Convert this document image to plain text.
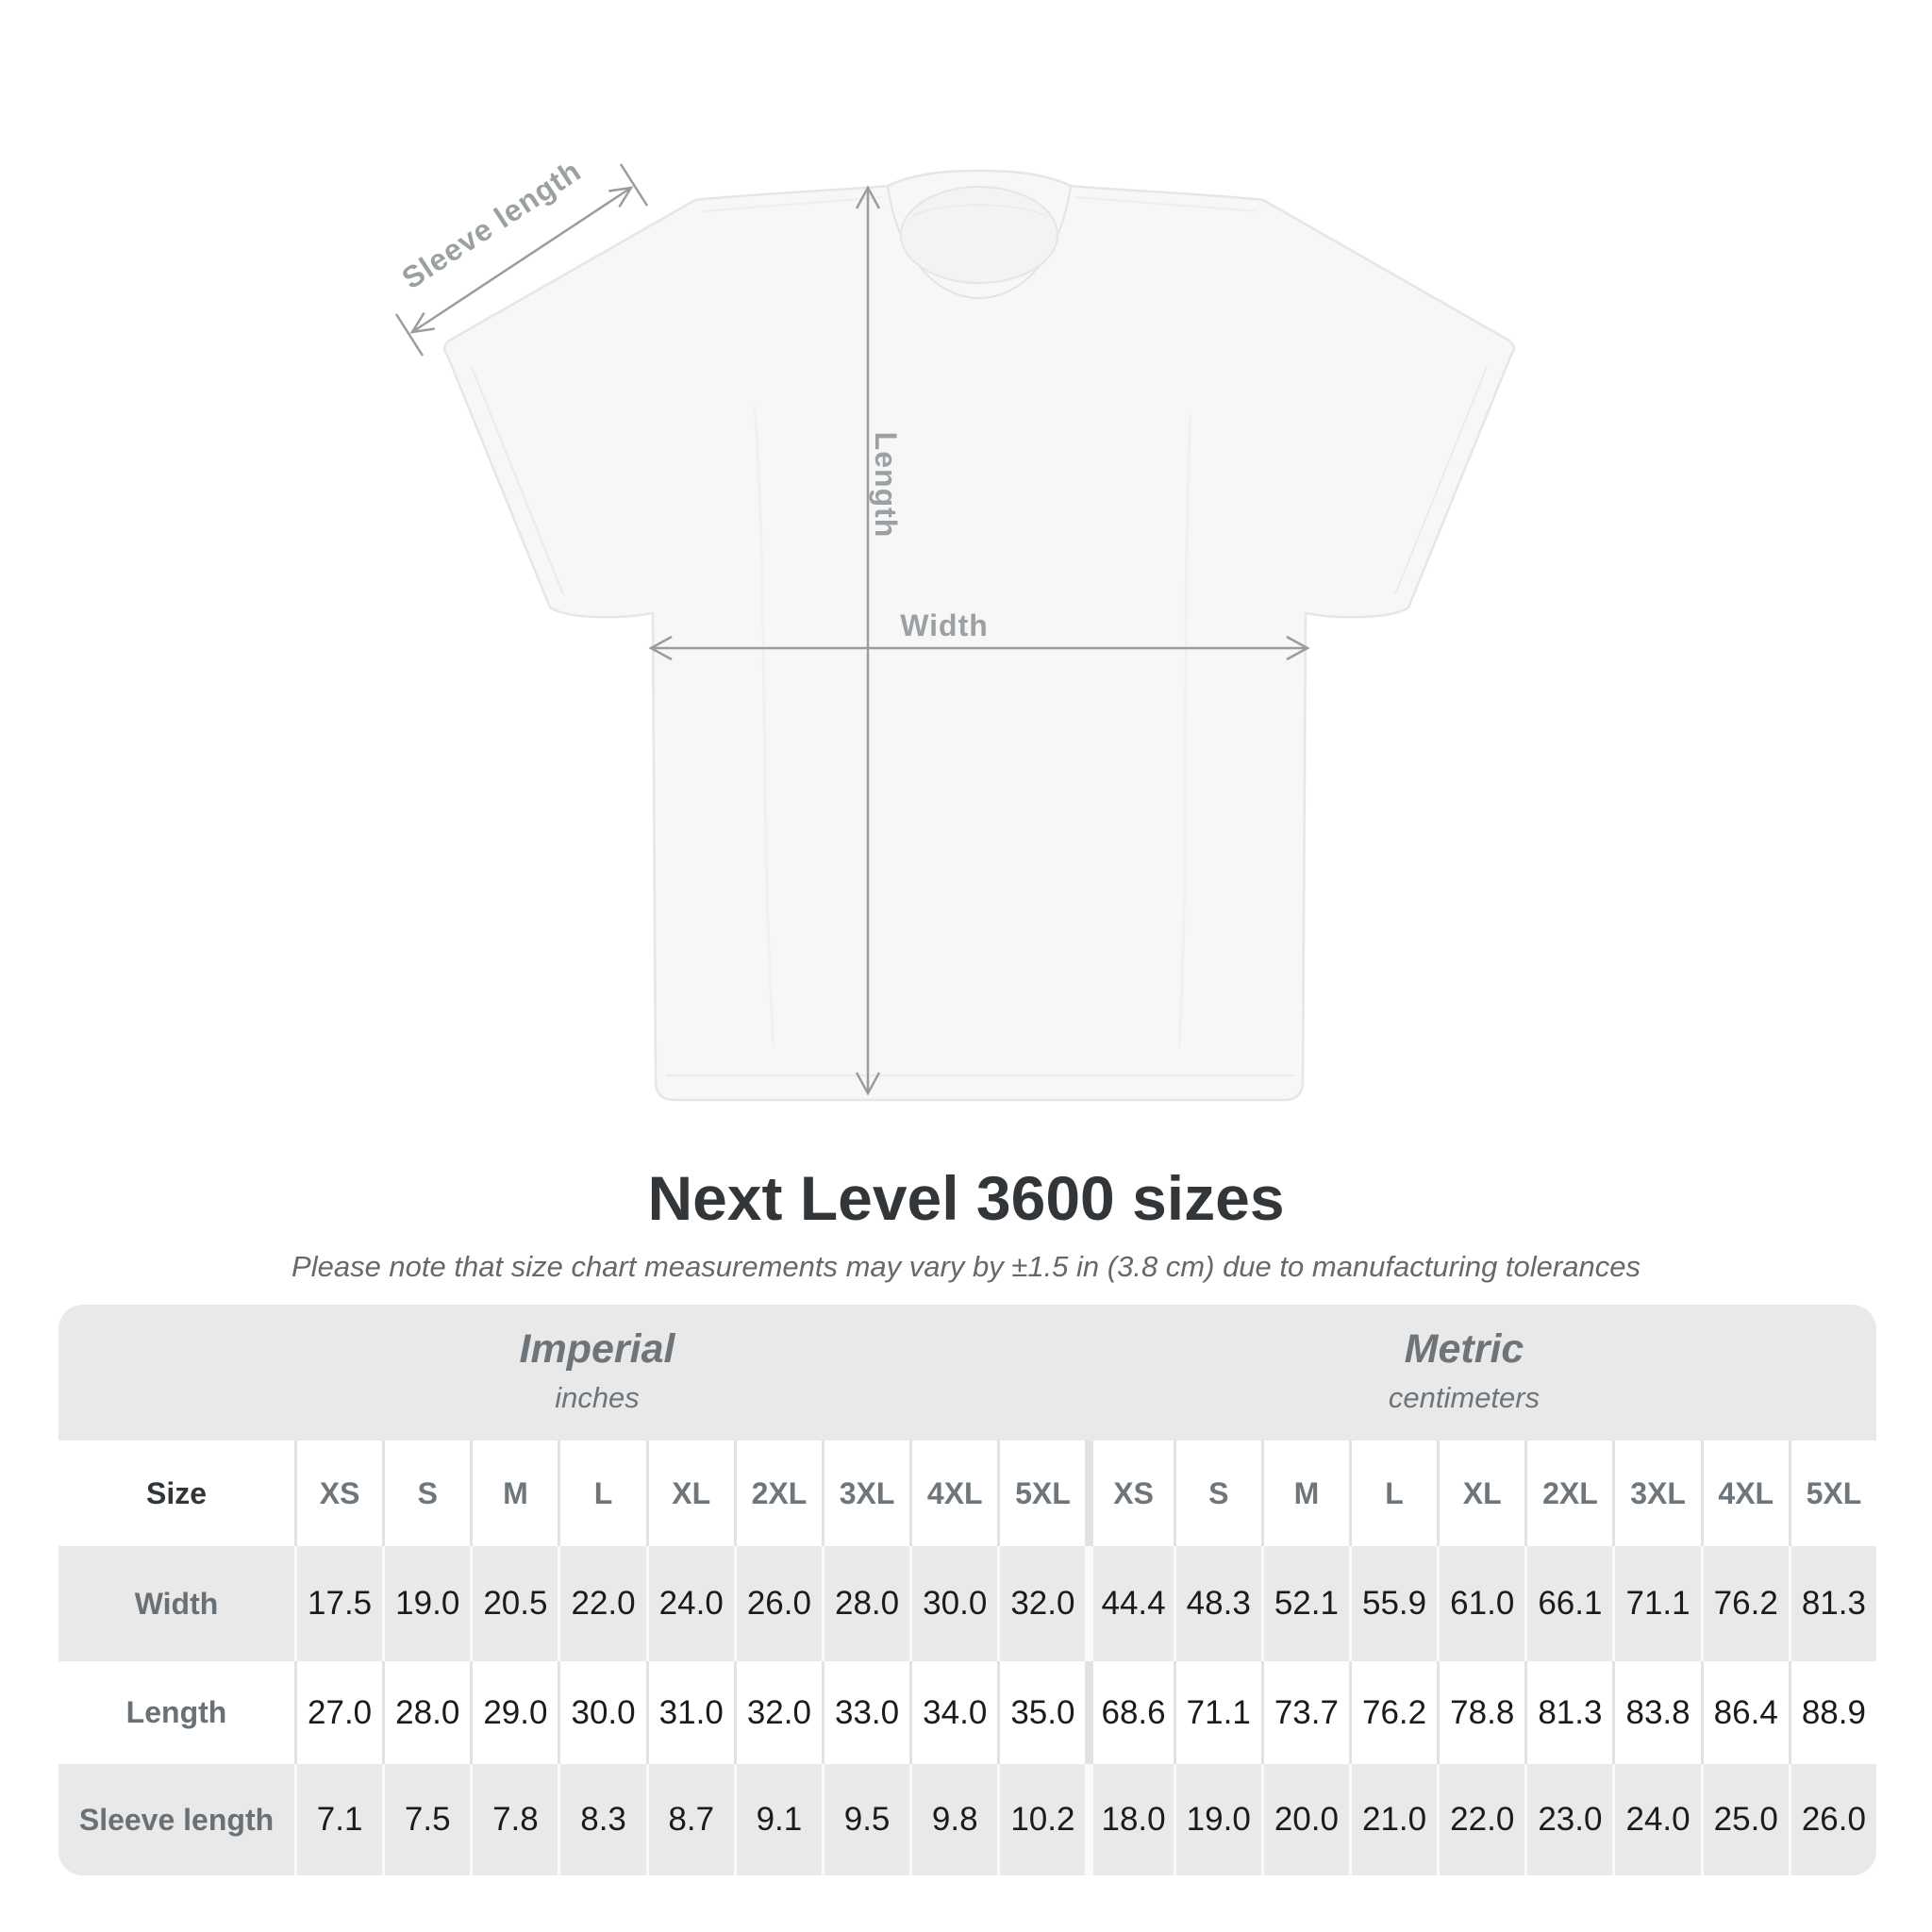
Sleeve length
Length
Width
Next Level 3600 sizes
Please note that size chart measurements may vary by ±1.5 in (3.8 cm) due to manufacturing tolerances
Imperial
inches
Metric
centimeters
Size	XS	S	M	L	XL	2XL	3XL	4XL	5XL	XS	S	M	L	XL	2XL	3XL	4XL	5XL
Width	17.5 19.0 20.5 22.0 24.0 26.0 28.0 30.0 32.0 44.4 48.3 52.1 55.9 61.0 66.1 71.1 76.2 81.3
Length	27.0 28.0 29.0 30.0 31.0 32.0 33.0 34.0 35.0 68.6 71.1 73.7 76.2 78.8 81.3 83.8 86.4 88.9
Sleeve length	7.1	7.5	7.8	8.3	8.7	9.1	9.5	9.8 10.2 18.0 19.0 20.0 21.0 22.0 23.0 24.0 25.0 26.0
